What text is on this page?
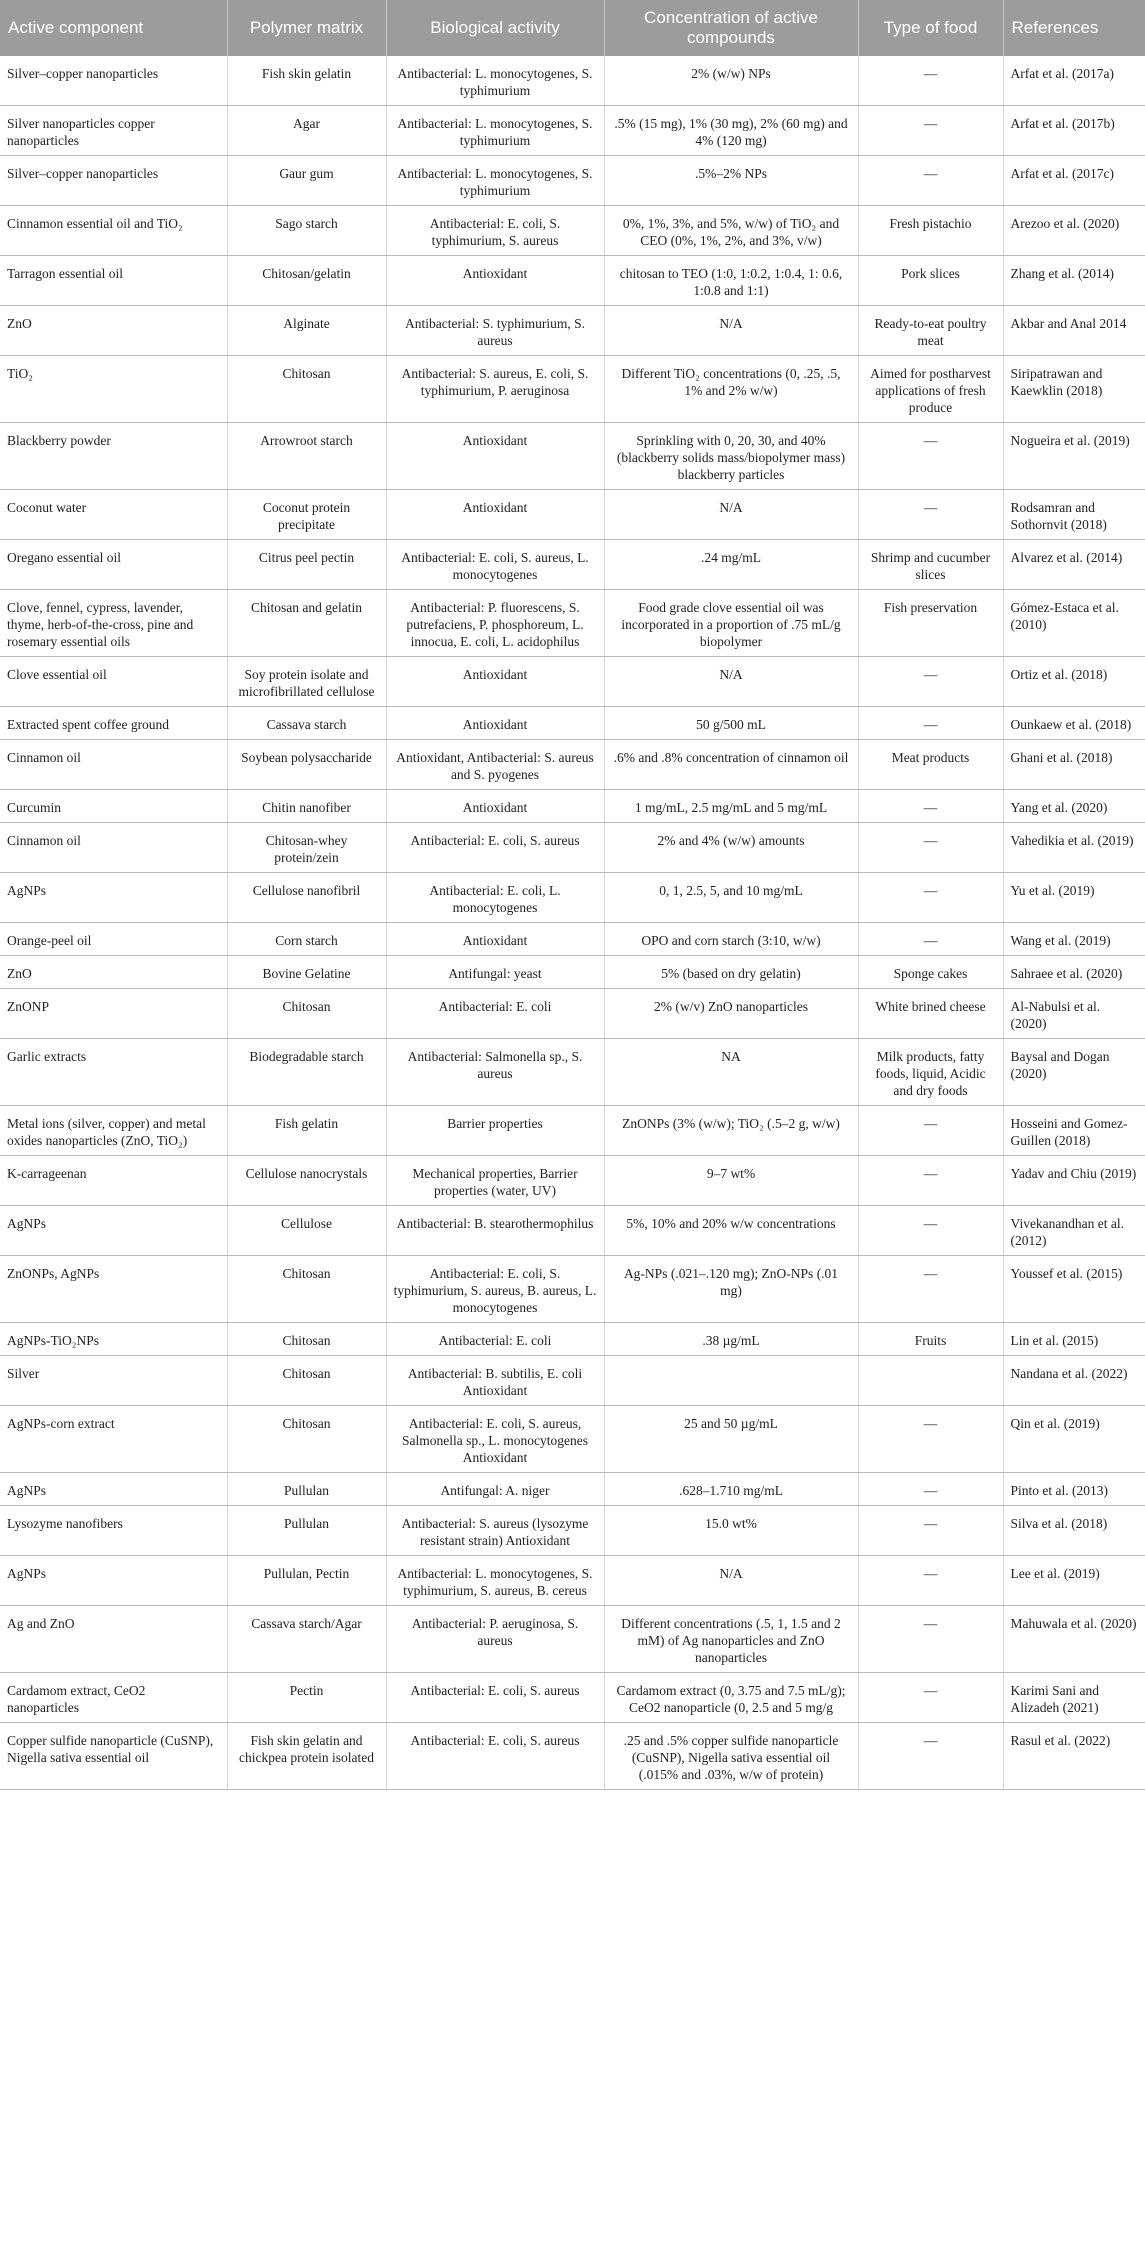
Active component	Polymer matrix	Biological activity	Concentration of active compounds	Type of food	References
Silver–copper nanoparticles	Fish skin gelatin	Antibacterial: L. monocytogenes, S. typhimurium	2% (w/w) NPs	—	Arfat et al. (2017a)
Silver nanoparticles copper nanoparticles	Agar	Antibacterial: L. monocytogenes, S. typhimurium	.5% (15 mg), 1% (30 mg), 2% (60 mg) and 4% (120 mg)	—	Arfat et al. (2017b)
Silver–copper nanoparticles	Gaur gum	Antibacterial: L. monocytogenes, S. typhimurium	.5%–2% NPs	—	Arfat et al. (2017c)
Cinnamon essential oil and TiO₂	Sago starch	Antibacterial: E. coli, S. typhimurium, S. aureus	0%, 1%, 3%, and 5%, w/w) of TiO₂ and CEO (0%, 1%, 2%, and 3%, v/w)	Fresh pistachio	Arezoo et al. (2020)
Tarragon essential oil	Chitosan/gelatin	Antioxidant	chitosan to TEO (1:0, 1:0.2, 1:0.4, 1: 0.6, 1:0.8 and 1:1)	Pork slices	Zhang et al. (2014)
ZnO	Alginate	Antibacterial: S. typhimurium, S. aureus	N/A	Ready-to-eat poultry meat	Akbar and Anal 2014
TiO₂	Chitosan	Antibacterial: S. aureus, E. coli, S. typhimurium, P. aeruginosa	Different TiO₂ concentrations (0, .25, .5, 1% and 2% w/w)	Aimed for postharvest applications of fresh produce	Siripatrawan and Kaewklin (2018)
Blackberry powder	Arrowroot starch	Antioxidant	Sprinkling with 0, 20, 30, and 40% (blackberry solids mass/biopolymer mass) blackberry particles	—	Nogueira et al. (2019)
Coconut water	Coconut protein precipitate	Antioxidant	N/A	—	Rodsamran and Sothornvit (2018)
Oregano essential oil	Citrus peel pectin	Antibacterial: E. coli, S. aureus, L. monocytogenes	.24 mg/mL	Shrimp and cucumber slices	Alvarez et al. (2014)
Clove, fennel, cypress, lavender, thyme, herb-of-the-cross, pine and rosemary essential oils	Chitosan and gelatin	Antibacterial: P. fluorescens, S. putrefaciens, P. phosphoreum, L. innocua, E. coli, L. acidophilus	Food grade clove essential oil was incorporated in a proportion of .75 mL/g biopolymer	Fish preservation	Gómez-Estaca et al. (2010)
Clove essential oil	Soy protein isolate and microfibrillated cellulose	Antioxidant	N/A	—	Ortiz et al. (2018)
Extracted spent coffee ground	Cassava starch	Antioxidant	50 g/500 mL	—	Ounkaew et al. (2018)
Cinnamon oil	Soybean polysaccharide	Antioxidant, Antibacterial: S. aureus and S. pyogenes	.6% and .8% concentration of cinnamon oil	Meat products	Ghani et al. (2018)
Curcumin	Chitin nanofiber	Antioxidant	1 mg/mL, 2.5 mg/mL and 5 mg/mL	—	Yang et al. (2020)
Cinnamon oil	Chitosan-whey protein/zein	Antibacterial: E. coli, S. aureus	2% and 4% (w/w) amounts	—	Vahedikia et al. (2019)
AgNPs	Cellulose nanofibril	Antibacterial: E. coli, L. monocytogenes	0, 1, 2.5, 5, and 10 mg/mL	—	Yu et al. (2019)
Orange-peel oil	Corn starch	Antioxidant	OPO and corn starch (3:10, w/w)	—	Wang et al. (2019)
ZnO	Bovine Gelatine	Antifungal: yeast	5% (based on dry gelatin)	Sponge cakes	Sahraee et al. (2020)
ZnONP	Chitosan	Antibacterial: E. coli	2% (w/v) ZnO nanoparticles	White brined cheese	Al-Nabulsi et al. (2020)
Garlic extracts	Biodegradable starch	Antibacterial: Salmonella sp., S. aureus	NA	Milk products, fatty foods, liquid, Acidic and dry foods	Baysal and Dogan (2020)
Metal ions (silver, copper) and metal oxides nanoparticles (ZnO, TiO₂)	Fish gelatin	Barrier properties	ZnONPs (3% (w/w); TiO₂ (.5–2 g, w/w)	—	Hosseini and Gomez-Guillen (2018)
K-carrageenan	Cellulose nanocrystals	Mechanical properties, Barrier properties (water, UV)	9–7 wt%	—	Yadav and Chiu (2019)
AgNPs	Cellulose	Antibacterial: B. stearothermophilus	5%, 10% and 20% w/w concentrations	—	Vivekanandhan et al. (2012)
ZnONPs, AgNPs	Chitosan	Antibacterial: E. coli, S. typhimurium, S. aureus, B. aureus, L. monocytogenes	Ag-NPs (.021–.120 mg); ZnO-NPs (.01 mg)	—	Youssef et al. (2015)
AgNPs-TiO₂NPs	Chitosan	Antibacterial: E. coli	.38 µg/mL	Fruits	Lin et al. (2015)
Silver	Chitosan	Antibacterial: B. subtilis, E. coli Antioxidant			Nandana et al. (2022)
AgNPs-corn extract	Chitosan	Antibacterial: E. coli, S. aureus, Salmonella sp., L. monocytogenes Antioxidant	25 and 50 µg/mL	—	Qin et al. (2019)
AgNPs	Pullulan	Antifungal: A. niger	.628–1.710 mg/mL	—	Pinto et al. (2013)
Lysozyme nanofibers	Pullulan	Antibacterial: S. aureus (lysozyme resistant strain) Antioxidant	15.0 wt%	—	Silva et al. (2018)
AgNPs	Pullulan, Pectin	Antibacterial: L. monocytogenes, S. typhimurium, S. aureus, B. cereus	N/A	—	Lee et al. (2019)
Ag and ZnO	Cassava starch/Agar	Antibacterial: P. aeruginosa, S. aureus	Different concentrations (.5, 1, 1.5 and 2 mM) of Ag nanoparticles and ZnO nanoparticles	—	Mahuwala et al. (2020)
Cardamom extract, CeO2 nanoparticles	Pectin	Antibacterial: E. coli, S. aureus	Cardamom extract (0, 3.75 and 7.5 mL/g); CeO2 nanoparticle (0, 2.5 and 5 mg/g	—	Karimi Sani and Alizadeh (2021)
Copper sulfide nanoparticle (CuSNP), Nigella sativa essential oil	Fish skin gelatin and chickpea protein isolated	Antibacterial: E. coli, S. aureus	.25 and .5% copper sulfide nanoparticle (CuSNP), Nigella sativa essential oil (.015% and .03%, w/w of protein)	—	Rasul et al. (2022)
